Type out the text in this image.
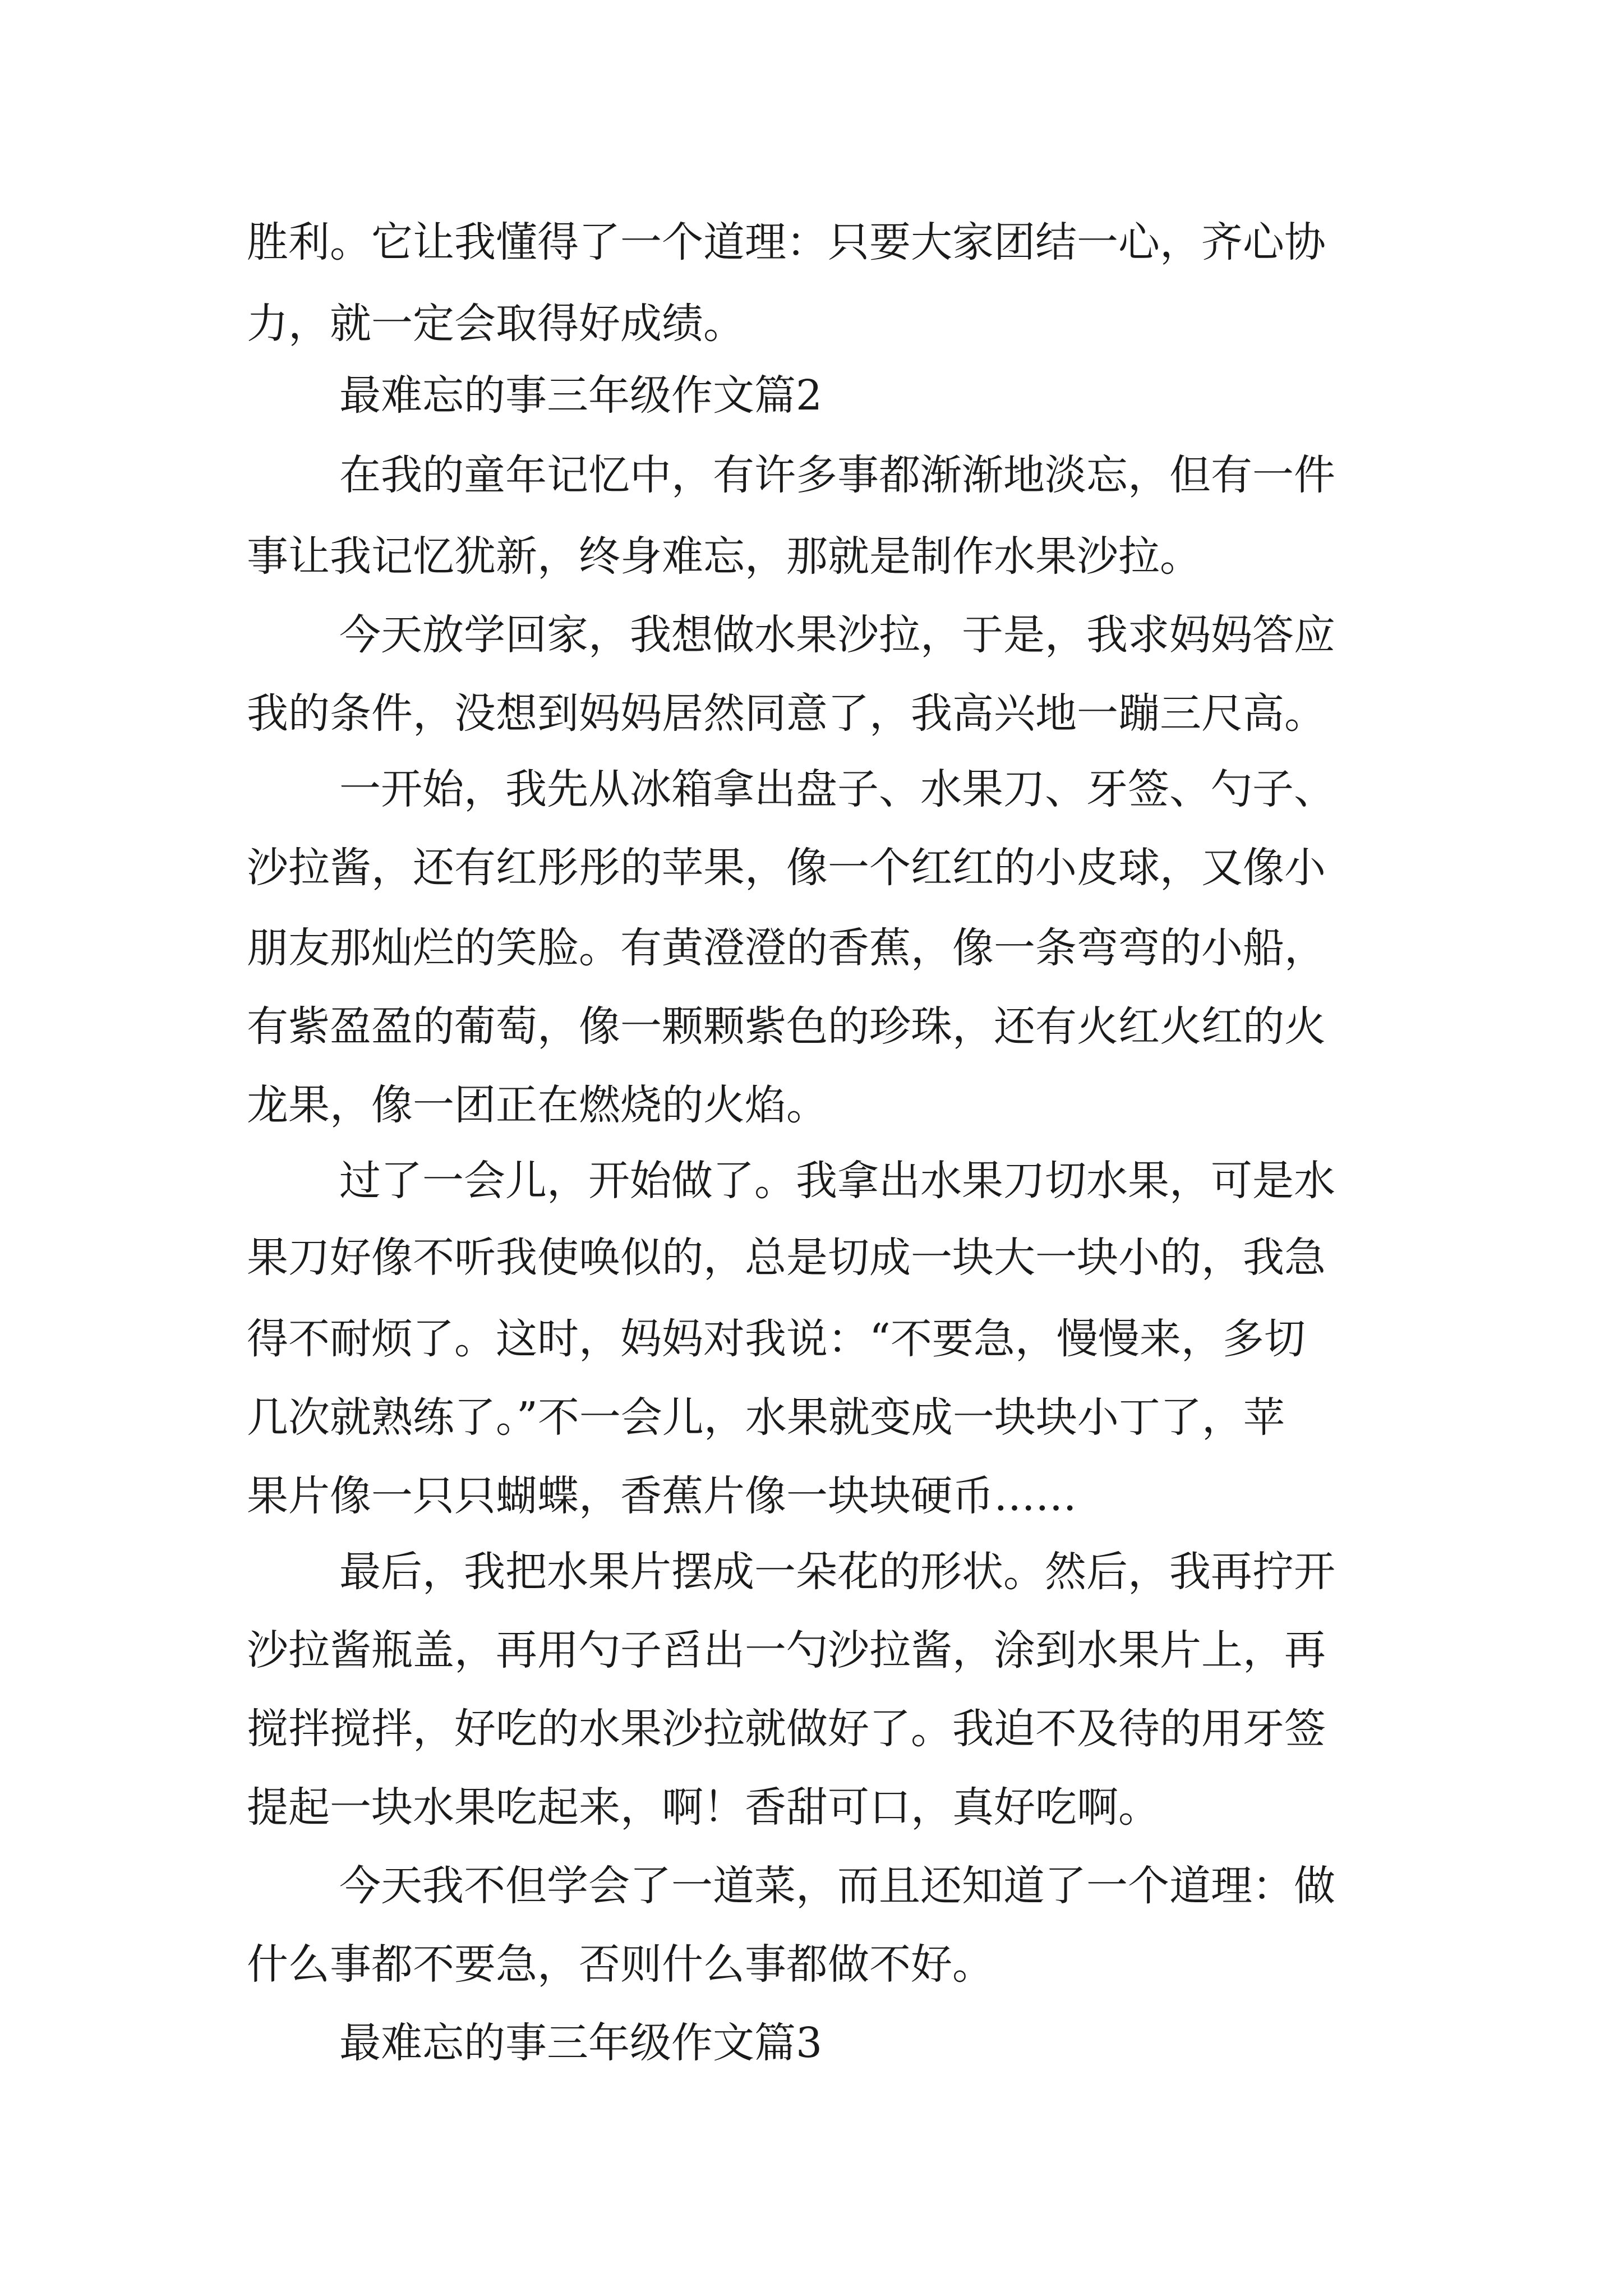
胜利。它让我懂得了一个道理：只要大家团结一心，齐心协

力，就一定会取得好成绩。

最难忘的事三年级作文篇2

在我的童年记忆中，有许多事都渐渐地淡忘，但有一件

事让我记忆犹新，终身难忘，那就是制作水果沙拉。

今天放学回家，我想做水果沙拉，于是，我求妈妈答应

我的条件，没想到妈妈居然同意了，我高兴地一蹦三尺高。

一开始，我先从冰箱拿出盘子、水果刀、牙签、勺子、

沙拉酱，还有红彤彤的苹果，像一个红红的小皮球，又像小

朋友那灿烂的笑脸。有黄澄澄的香蕉，像一条弯弯的小船，

有紫盈盈的葡萄，像一颗颗紫色的珍珠，还有火红火红的火

龙果，像一团正在燃烧的火焰。

过了一会儿，开始做了。我拿出水果刀切水果，可是水

果刀好像不听我使唤似的，总是切成一块大一块小的，我急

得不耐烦了。这时，妈妈对我说：“不要急，慢慢来，多切

几次就熟练了。”不一会儿，水果就变成一块块小丁了，苹

果片像一只只蝴蝶，香蕉片像一块块硬币……

最后，我把水果片摆成一朵花的形状。然后，我再拧开

沙拉酱瓶盖，再用勺子舀出一勺沙拉酱，涂到水果片上，再

搅拌搅拌，好吃的水果沙拉就做好了。我迫不及待的用牙签

提起一块水果吃起来，啊！香甜可口，真好吃啊。

今天我不但学会了一道菜，而且还知道了一个道理：做

什么事都不要急，否则什么事都做不好。

最难忘的事三年级作文篇3
